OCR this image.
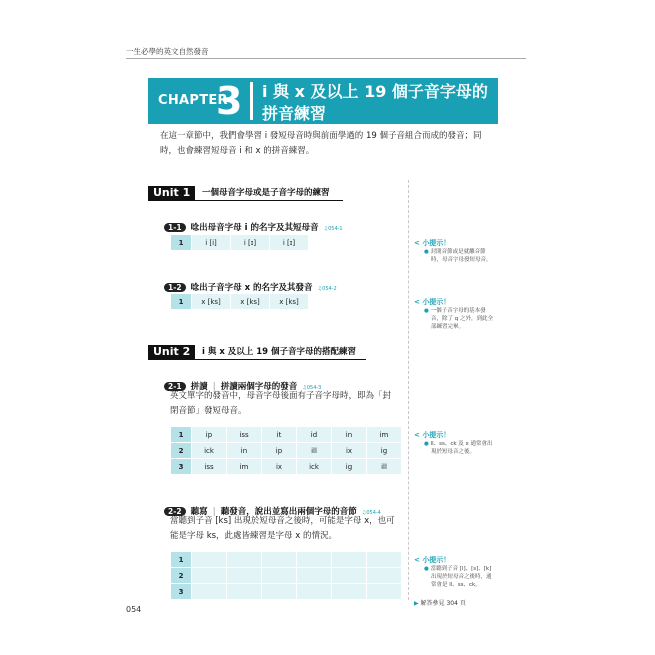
一生必學的英文自然發音
CHAPTER
3 i 與 x 及以上 19 個子音字母的
拼音練習
在這一章節中，我們會學習 i 發短母音時與前面學過的 19 個子音組合而成的發音；同
時，也會練習短母音 i 和 x 的拼音練習。
Unit 1	一個母音字母或是子音字母的練習
1-1 唸出母音字母 i 的名字及其短母音 ♫054-1
1	i [i]	i [ɪ]	i [ɪ]
1-2 唸出子音字母 x 的名字及其發音 ♫054-2
1	x [ks]	x [ks]	x [ks]
Unit 2	i 與 x 及以上 19 個子音字母的搭配練習
2-1 拼讀 | 拼讀兩個字母的發音 ♫054-3
英文單字的發音中，母音字母後面有子音字母時，即為「封
閉音節」發短母音。
1	ip	iss	it	id	in	im
2	ick	in	ip	ill	ix	ig
3	iss	im	ix	ick	ig	ill
2-2 聽寫 | 聽發音，說出並寫出兩個字母的音節 ♫054-4
當聽到子音 [ks] 出現於短母音之後時，可能是字母 x，也可
能是字母 ks，此處皆練習是字母 x 的情況。
1						
2						
3						
< 小提示！
● 封閉音節或是就離音節
時，母音字母發短母音。
< 小提示！
● 一個子音字母的基本發
音，除了 q 之外，到此全
部練習完畢。
< 小提示！
● ll、ss、ck 及 x 通常會出
現於短母音之後。
< 小提示！
● 當聽到子音 [l]、[s]、[k]
出現於短母音之後時，通
常會是 ll、ss、ck。
▶ 解答參見 304 頁
054
